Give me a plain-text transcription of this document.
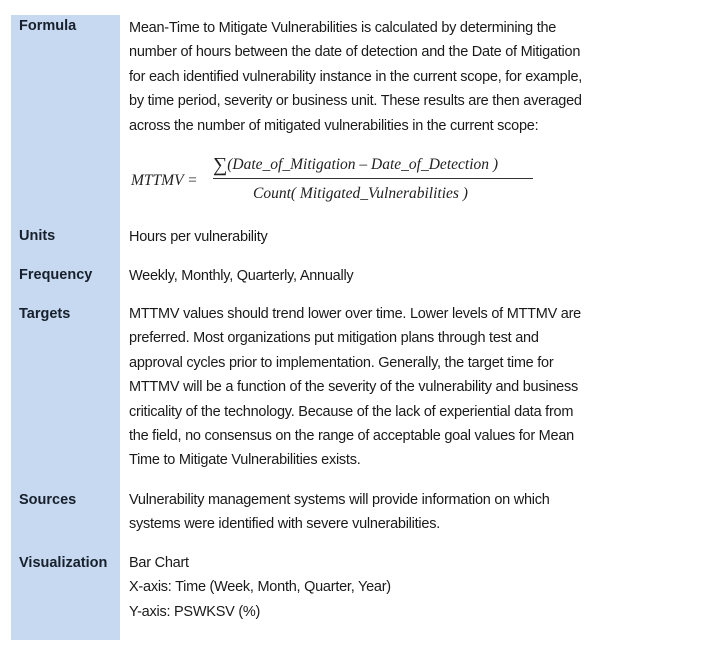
Formula	Mean-Time to Mitigate Vulnerabilities is calculated by determining the

number of hours between the date of detection and the Date of Mitigation

for each identified vulnerability instance in the current scope, for example,

by time period, severity or business unit. These results are then averaged

across the number of mitigated vulnerabilities in the current scope:

MTTMV =
∑(Date_of_Mitigation – Date_of_Detection )
Count( Mitigated_Vulnerabilities )
Units	Hours per vulnerability

Frequency	Weekly, Monthly, Quarterly, Annually

Targets	MTTMV values should trend lower over time. Lower levels of MTTMV are

preferred. Most organizations put mitigation plans through test and

approval cycles prior to implementation. Generally, the target time for

MTTMV will be a function of the severity of the vulnerability and business

criticality of the technology. Because of the lack of experiential data from

the field, no consensus on the range of acceptable goal values for Mean

Time to Mitigate Vulnerabilities exists.

Sources	Vulnerability management systems will provide information on which

systems were identified with severe vulnerabilities.

Visualization Bar Chart

X-axis: Time (Week, Month, Quarter, Year)

Y-axis: PSWKSV (%)
